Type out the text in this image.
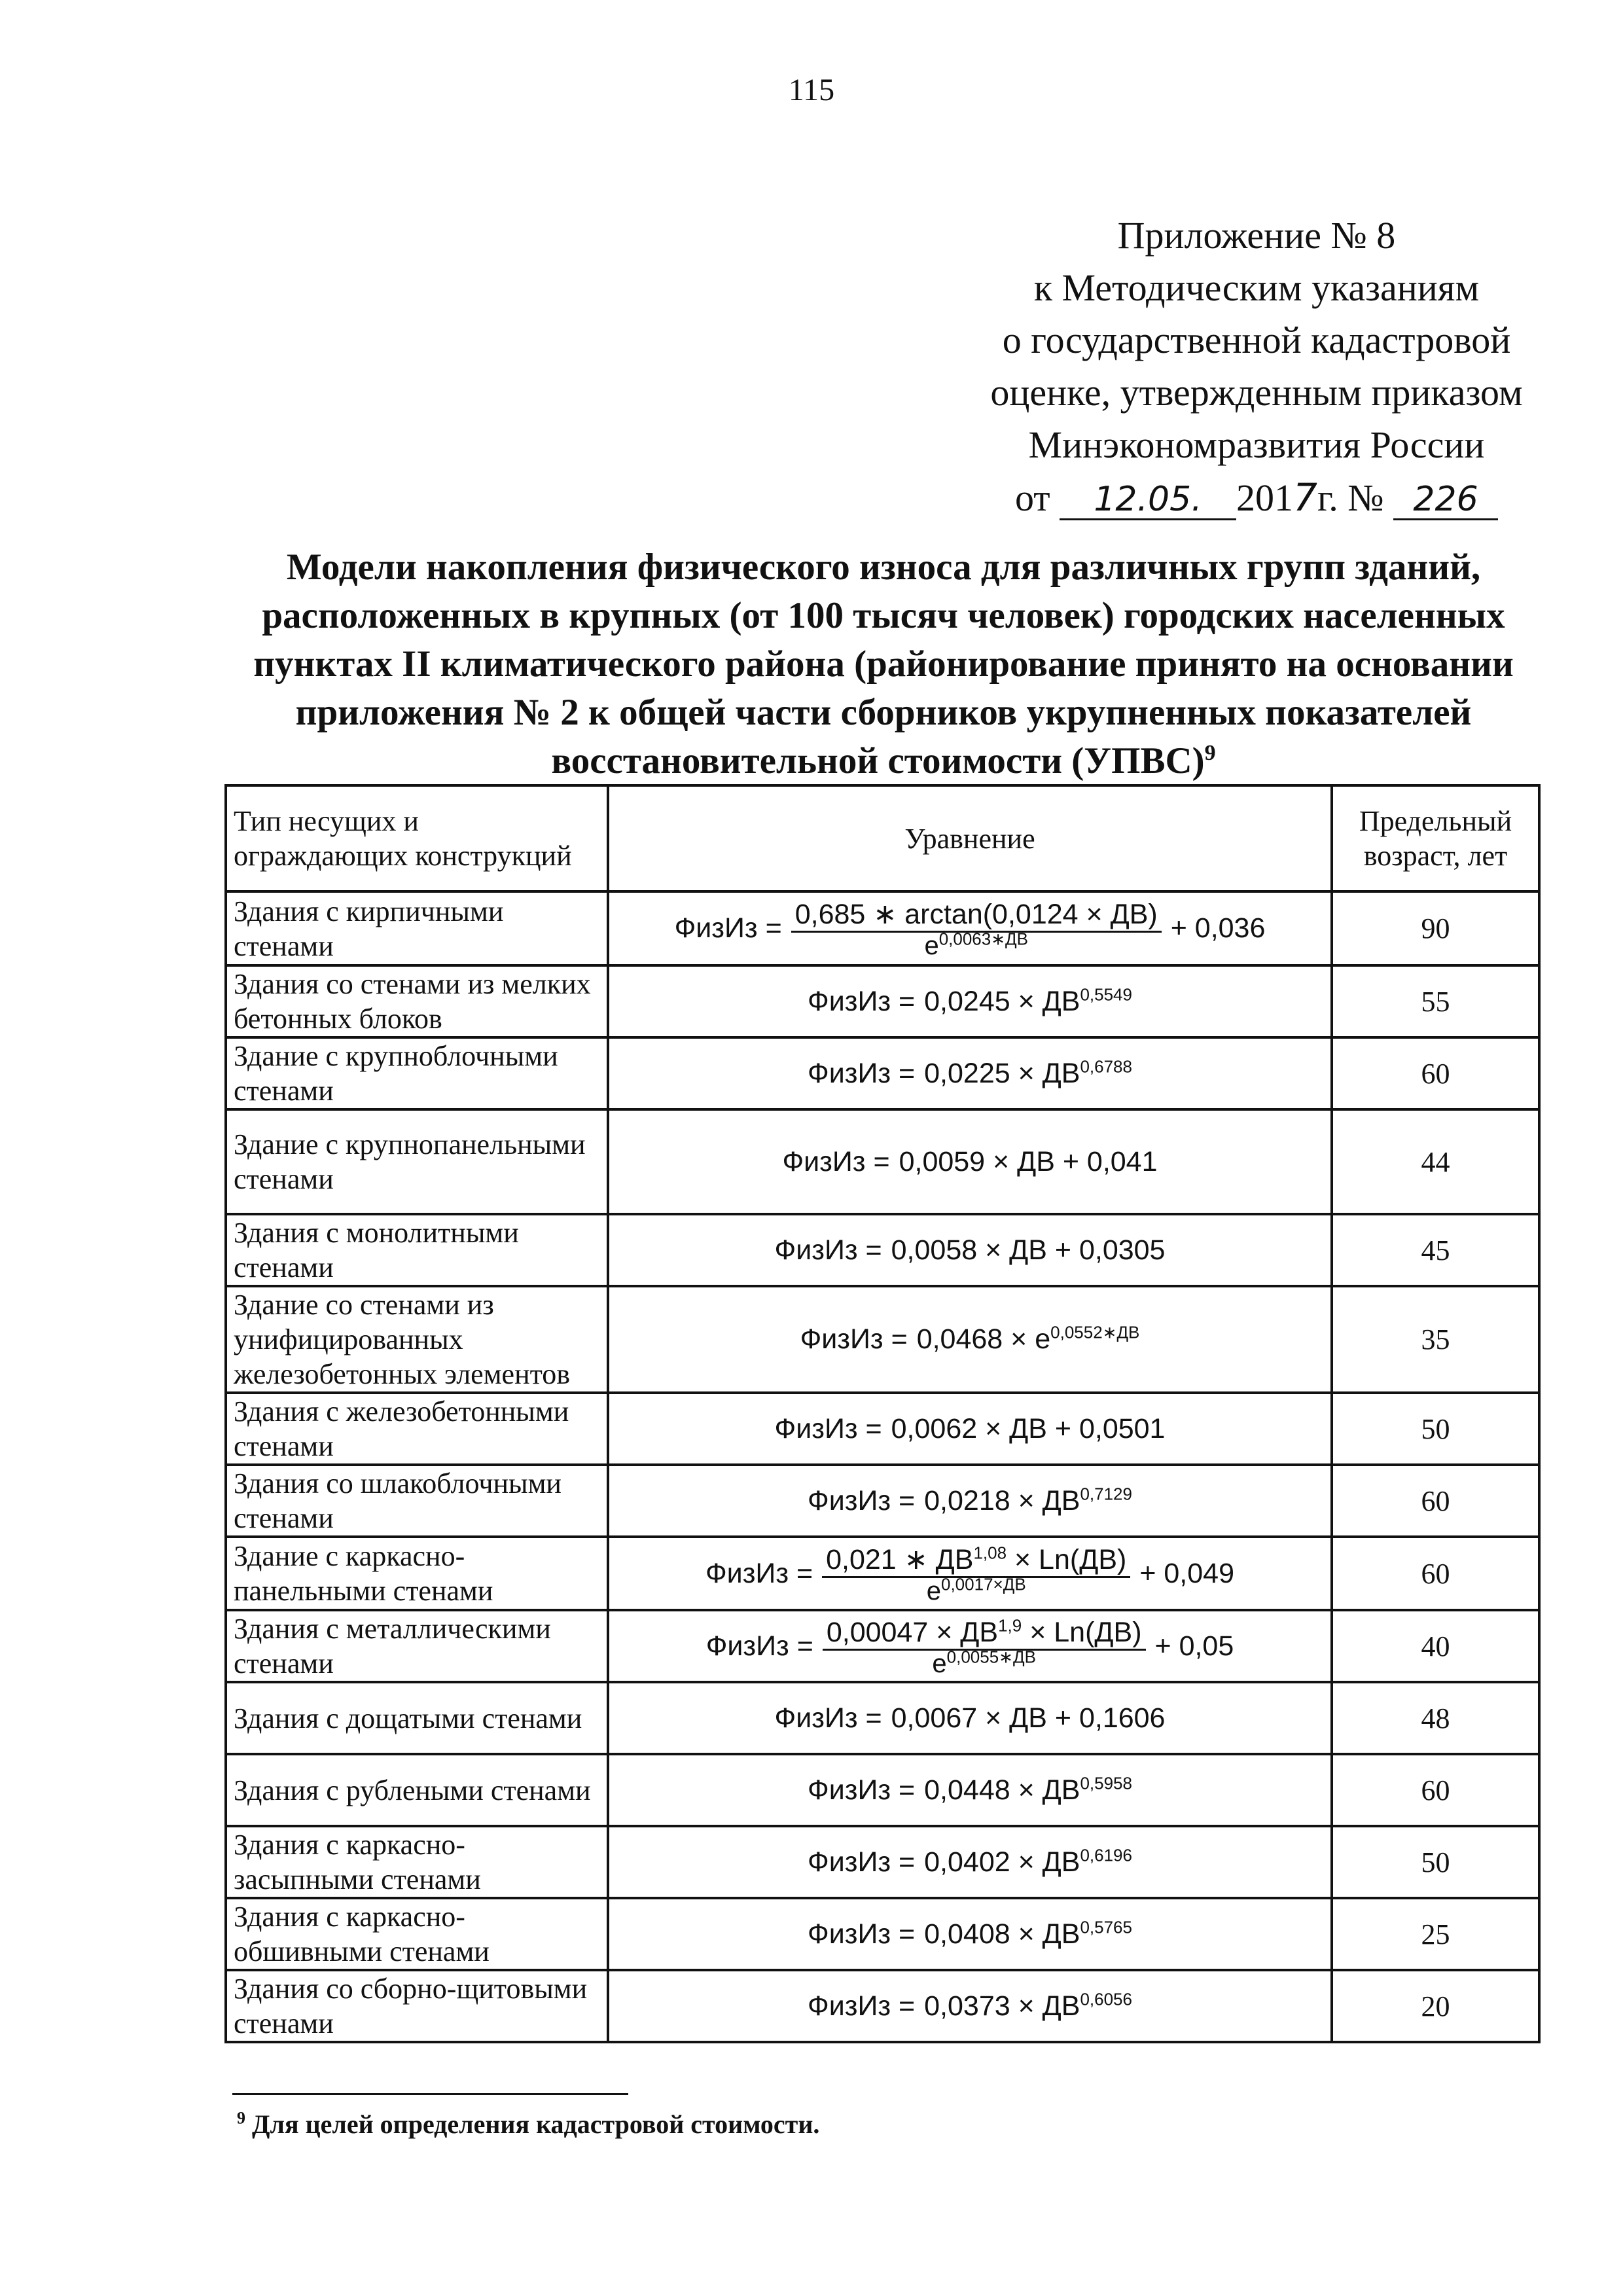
115
Приложение № 8
к Методическим указаниям
о государственной кадастровой
оценке, утвержденным приказом
Минэкономразвития России
от 12.05. 2017г. № 226
Модели накопления физического износа для различных групп зданий, расположенных в крупных (от 100 тысяч человек) городских населенных пунктах II климатического района (районирование принято на основании приложения № 2 к общей части сборников укрупненных показателей восстановительной стоимости (УПВС)$^9$
Тип несущих и ограждающих конструкций	Уравнение	Предельный возраст, лет
Здания с кирпичными стенами	ФизИз = $\frac{0,685 ∗ \arctan(0,0124 \times ДВ)}{e^{0,0063∗ДВ}} + 0,036$	90
Здания со стенами из мелких бетонных блоков	ФизИз = $0,0245 \times ДВ^{0,5549}$	55
Здание с крупноблочными стенами	ФизИз = $0,0225 \times ДВ^{0,6788}$	60
Здание с крупнопанельными стенами	ФизИз = 0,0059 × ДВ + 0,041	44
Здания с монолитными стенами	ФизИз = 0,0058 × ДВ + 0,0305	45
Здание со стенами из унифицированных железобетонных элементов	ФизИз = $0,0468 \times e^{0,0552∗ДВ}$	35
Здания с железобетонными стенами	ФизИз = 0,0062 × ДВ + 0,0501	50
Здания со шлакоблочными стенами	ФизИз = $0,0218 \times ДВ^{0,7129}$	60
Здание с каркасно-панельными стенами	ФизИз = $\frac{0,021 ∗ ДВ^{1,08} \times Ln(ДВ)}{e^{0,0017\times ДВ}} + 0,049$	60
Здания с металлическими стенами	ФизИз = $\frac{0,00047 \times ДВ^{1,9} \times Ln(ДВ)}{e^{0,0055∗ДВ}} + 0,05$	40
Здания с дощатыми стенами	ФизИз = 0,0067 × ДВ + 0,1606	48
Здания с рублеными стенами	ФизИз = $0,0448 \times ДВ^{0,5958}$	60
Здания с каркасно-засыпными стенами	ФизИз = $0,0402 \times ДВ^{0,6196}$	50
Здания с каркасно-обшивными стенами	ФизИз = $0,0408 \times ДВ^{0,5765}$	25
Здания со сборно-щитовыми стенами	ФизИз = $0,0373 \times ДВ^{0,6056}$	20
$^9$ Для целей определения кадастровой стоимости.
